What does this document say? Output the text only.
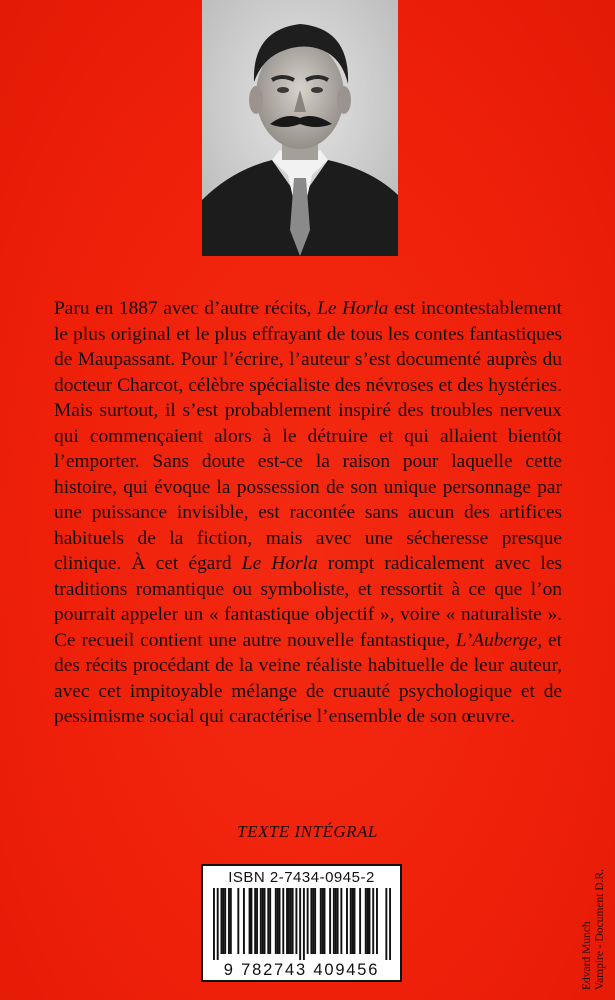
Paru en 1887 avec d’autre récits, Le Horla est incontestablement le plus original et le plus effrayant de tous les contes fantastiques de Maupassant. Pour l’écrire, l’auteur s’est documenté auprès du docteur Charcot, célèbre spécialiste des névroses et des hystéries. Mais surtout, il s’est probablement inspiré des troubles nerveux qui commençaient alors à le détruire et qui allaient bientôt l’emporter. Sans doute est-ce la raison pour laquelle cette histoire, qui évoque la possession de son unique personnage par une puissance invisible, est racontée sans aucun des artifices habituels de la fiction, mais avec une sécheresse presque clinique. À cet égard Le Horla rompt radicalement avec les traditions romantique ou symboliste, et ressortit à ce que l’on pourrait appeler un « fantastique objectif », voire « naturaliste ». Ce recueil contient une autre nouvelle fantastique, L’Auberge, et des récits procédant de la veine réaliste habituelle de leur auteur, avec cet impitoyable mélange de cruauté psychologique et de pessimisme social qui caractérise l’ensemble de son œuvre.

TEXTE INTÉGRAL
ISBN 2-7434-0945-2
9 782743 409456	Edvard Munch Vampire - Document D.R.
